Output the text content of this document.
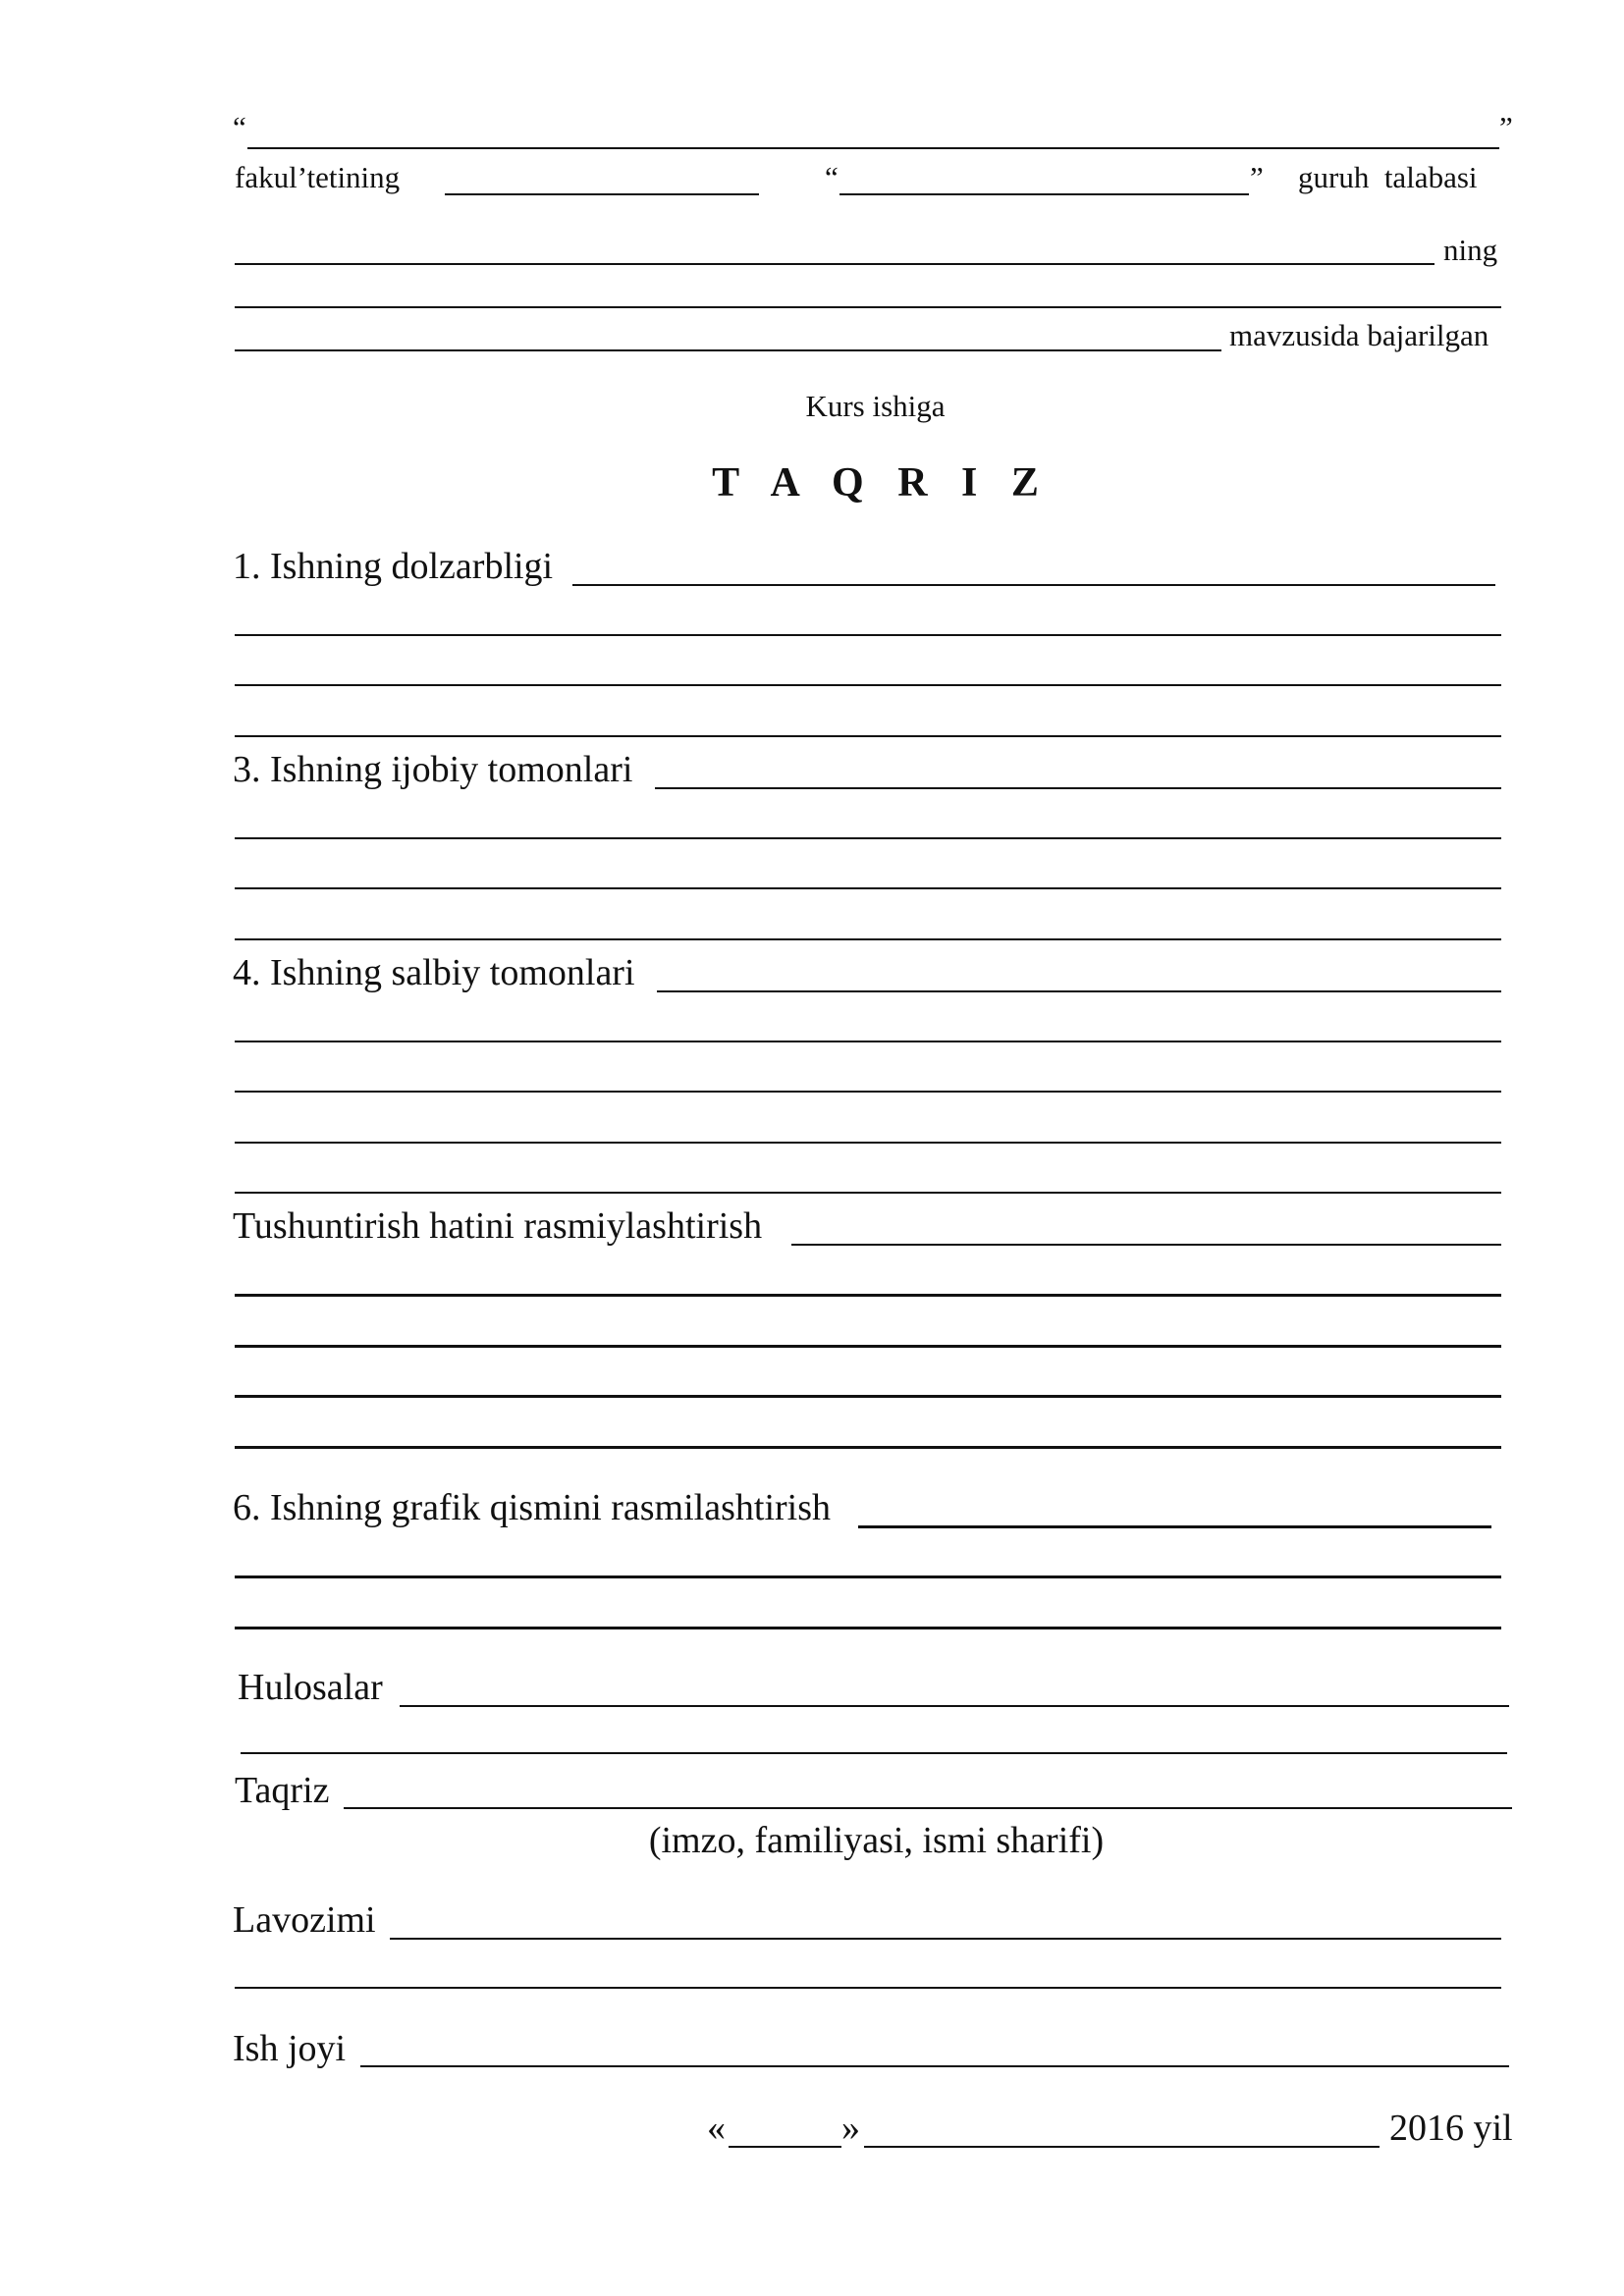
“	”
fakul’tetining	“	” guruh  talabasi
ning
mavzusida bajarilgan
Kurs ishiga
T A Q R I Z
1. Ishning dolzarbligi
3. Ishning ijobiy tomonlari
4. Ishning salbiy tomonlari
Tushuntirish hatini rasmiylashtirish
6. Ishning grafik qismini rasmilashtirish
Hulosalar
Taqriz
(imzo, familiyasi, ismi sharifi)
Lavozimi
Ish joyi
«	»	2016 yil
